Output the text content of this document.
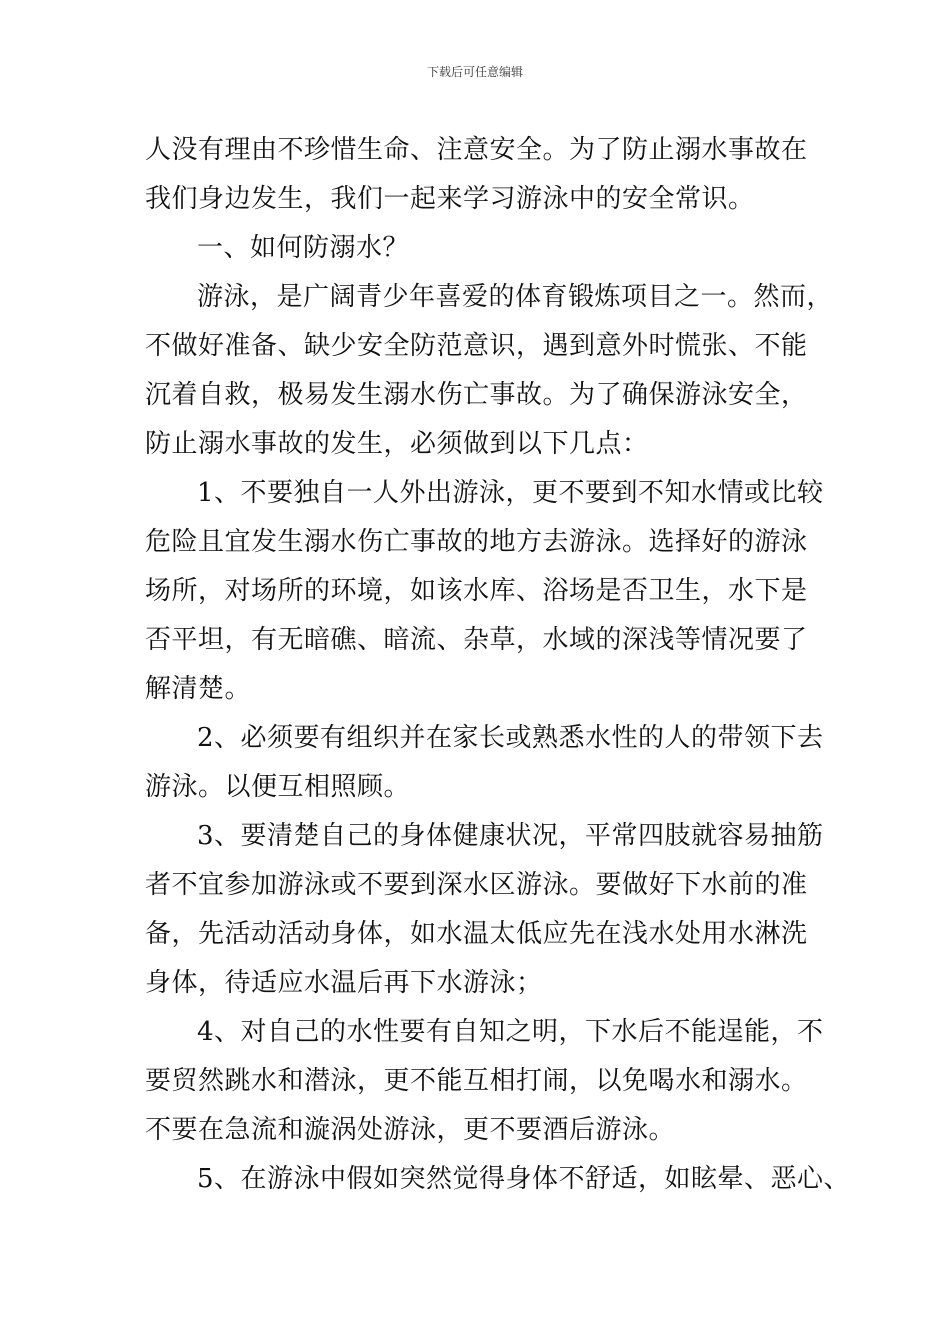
下载后可任意编辑
人没有理由不珍惜生命、注意安全。为了防止溺水事故在
我们身边发生，我们一起来学习游泳中的安全常识。
一、如何防溺水？
游泳，是广阔青少年喜爱的体育锻炼项目之一。然而，
不做好准备、缺少安全防范意识，遇到意外时慌张、不能
沉着自救，极易发生溺水伤亡事故。为了确保游泳安全，
防止溺水事故的发生，必须做到以下几点：
1、不要独自一人外出游泳，更不要到不知水情或比较
危险且宜发生溺水伤亡事故的地方去游泳。选择好的游泳
场所，对场所的环境，如该水库、浴场是否卫生，水下是
否平坦，有无暗礁、暗流、杂草，水域的深浅等情况要了
解清楚。
2、必须要有组织并在家长或熟悉水性的人的带领下去
游泳。以便互相照顾。
3、要清楚自己的身体健康状况，平常四肢就容易抽筋
者不宜参加游泳或不要到深水区游泳。要做好下水前的准
备，先活动活动身体，如水温太低应先在浅水处用水淋洗
身体，待适应水温后再下水游泳；
4、对自己的水性要有自知之明，下水后不能逞能，不
要贸然跳水和潜泳，更不能互相打闹，以免喝水和溺水。
不要在急流和漩涡处游泳，更不要酒后游泳。
5、在游泳中假如突然觉得身体不舒适，如眩晕、恶心、
